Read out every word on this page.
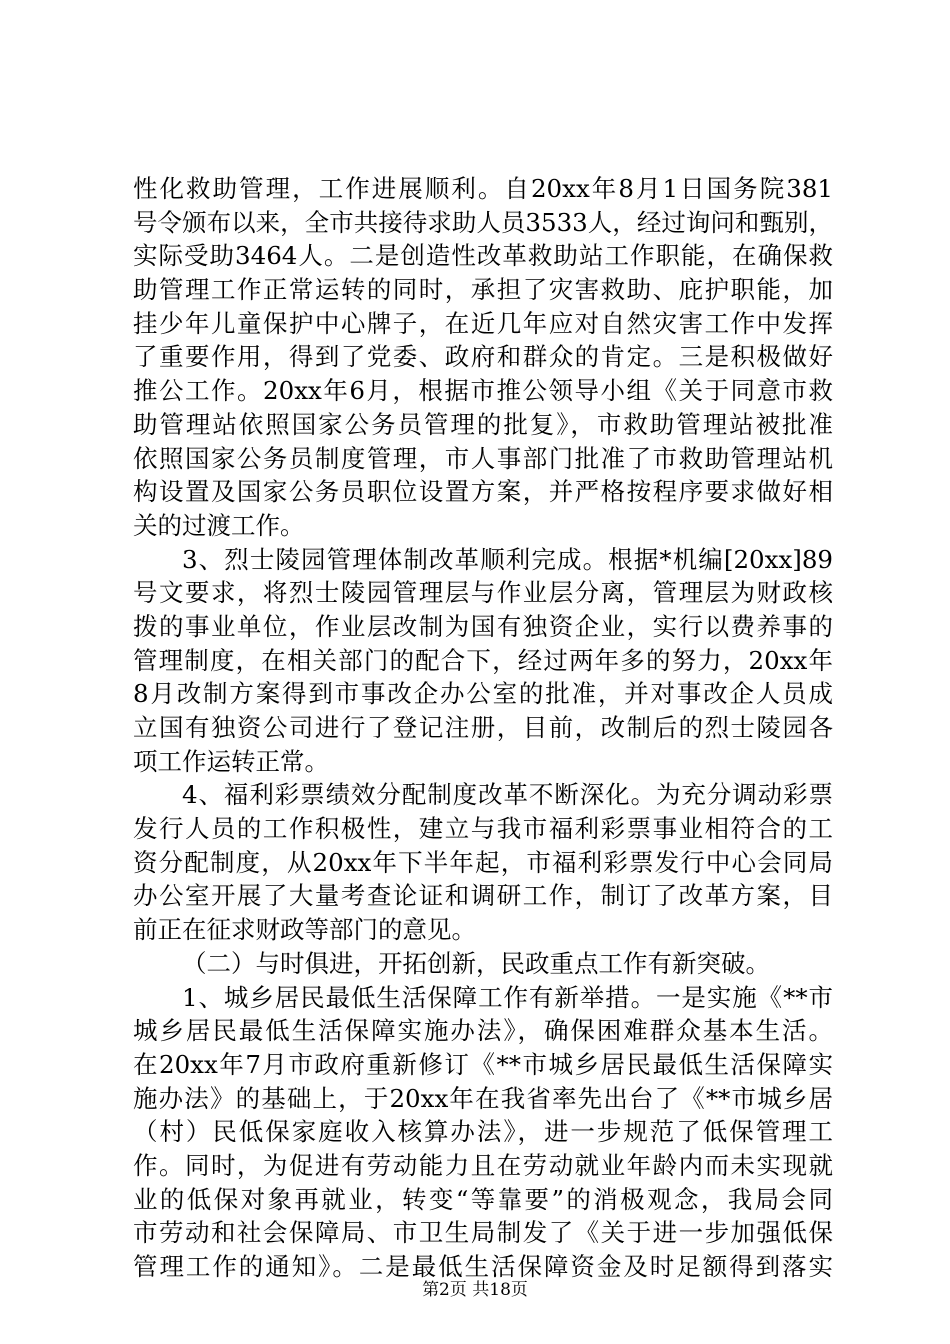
性化救助管理，工作进展顺利。自20xx年8月1日国务院381
号令颁布以来，全市共接待求助人员3533人，经过询问和甄别，
实际受助3464人。二是创造性改革救助站工作职能，在确保救
助管理工作正常运转的同时，承担了灾害救助、庇护职能，加
挂少年儿童保护中心牌子，在近几年应对自然灾害工作中发挥
了重要作用，得到了党委、政府和群众的肯定。三是积极做好
推公工作。20xx年6月，根据市推公领导小组《关于同意市救
助管理站依照国家公务员管理的批复》，市救助管理站被批准
依照国家公务员制度管理，市人事部门批准了市救助管理站机
构设置及国家公务员职位设置方案，并严格按程序要求做好相
关的过渡工作。
3、烈士陵园管理体制改革顺利完成。根据*机编[20xx]89
号文要求，将烈士陵园管理层与作业层分离，管理层为财政核
拨的事业单位，作业层改制为国有独资企业，实行以费养事的
管理制度，在相关部门的配合下，经过两年多的努力，20xx年
8月改制方案得到市事改企办公室的批准，并对事改企人员成
立国有独资公司进行了登记注册，目前，改制后的烈士陵园各
项工作运转正常。
4、福利彩票绩效分配制度改革不断深化。为充分调动彩票
发行人员的工作积极性，建立与我市福利彩票事业相符合的工
资分配制度，从20xx年下半年起，市福利彩票发行中心会同局
办公室开展了大量考查论证和调研工作，制订了改革方案，目
前正在征求财政等部门的意见。
（二）与时俱进，开拓创新，民政重点工作有新突破。
1、城乡居民最低生活保障工作有新举措。一是实施《**市
城乡居民最低生活保障实施办法》，确保困难群众基本生活。
在20xx年7月市政府重新修订《**市城乡居民最低生活保障实
施办法》的基础上，于20xx年在我省率先出台了《**市城乡居
（村）民低保家庭收入核算办法》，进一步规范了低保管理工
作。同时，为促进有劳动能力且在劳动就业年龄内而未实现就
业的低保对象再就业，转变“等靠要”的消极观念，我局会同
市劳动和社会保障局、市卫生局制发了《关于进一步加强低保
管理工作的通知》。二是最低生活保障资金及时足额得到落实
第2页 共18页
